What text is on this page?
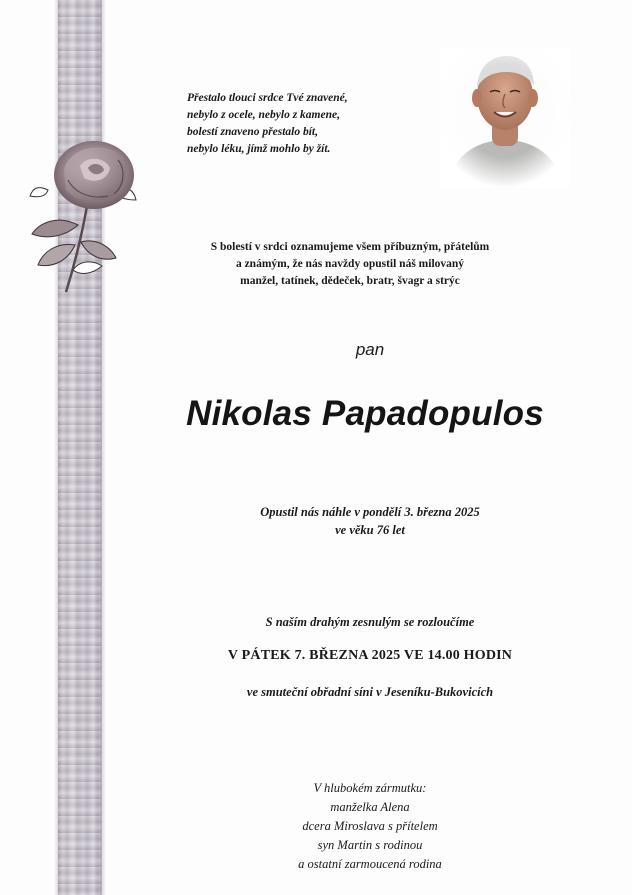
Přestalo tlouci srdce Tvé znavené,
nebylo z ocele, nebylo z kamene,
bolestí znaveno přestalo bít,
nebylo léku, jímž mohlo by žít.
S bolestí v srdci oznamujeme všem příbuzným, přátelům
a známým, že nás navždy opustil náš milovaný
manžel, tatínek, dědeček, bratr, švagr a strýc
pan
Nikolas Papadopulos
Opustil nás náhle v pondělí 3. března 2025
ve věku 76 let
S naším drahým zesnulým se rozloučíme
V PÁTEK 7. BŘEZNA 2025 VE 14.00 HODIN
ve smuteční obřadní síni v Jeseníku-Bukovicích
V hlubokém zármutku:
manželka Alena
dcera Miroslava s přítelem
syn Martin s rodinou
a ostatní zarmoucená rodina
